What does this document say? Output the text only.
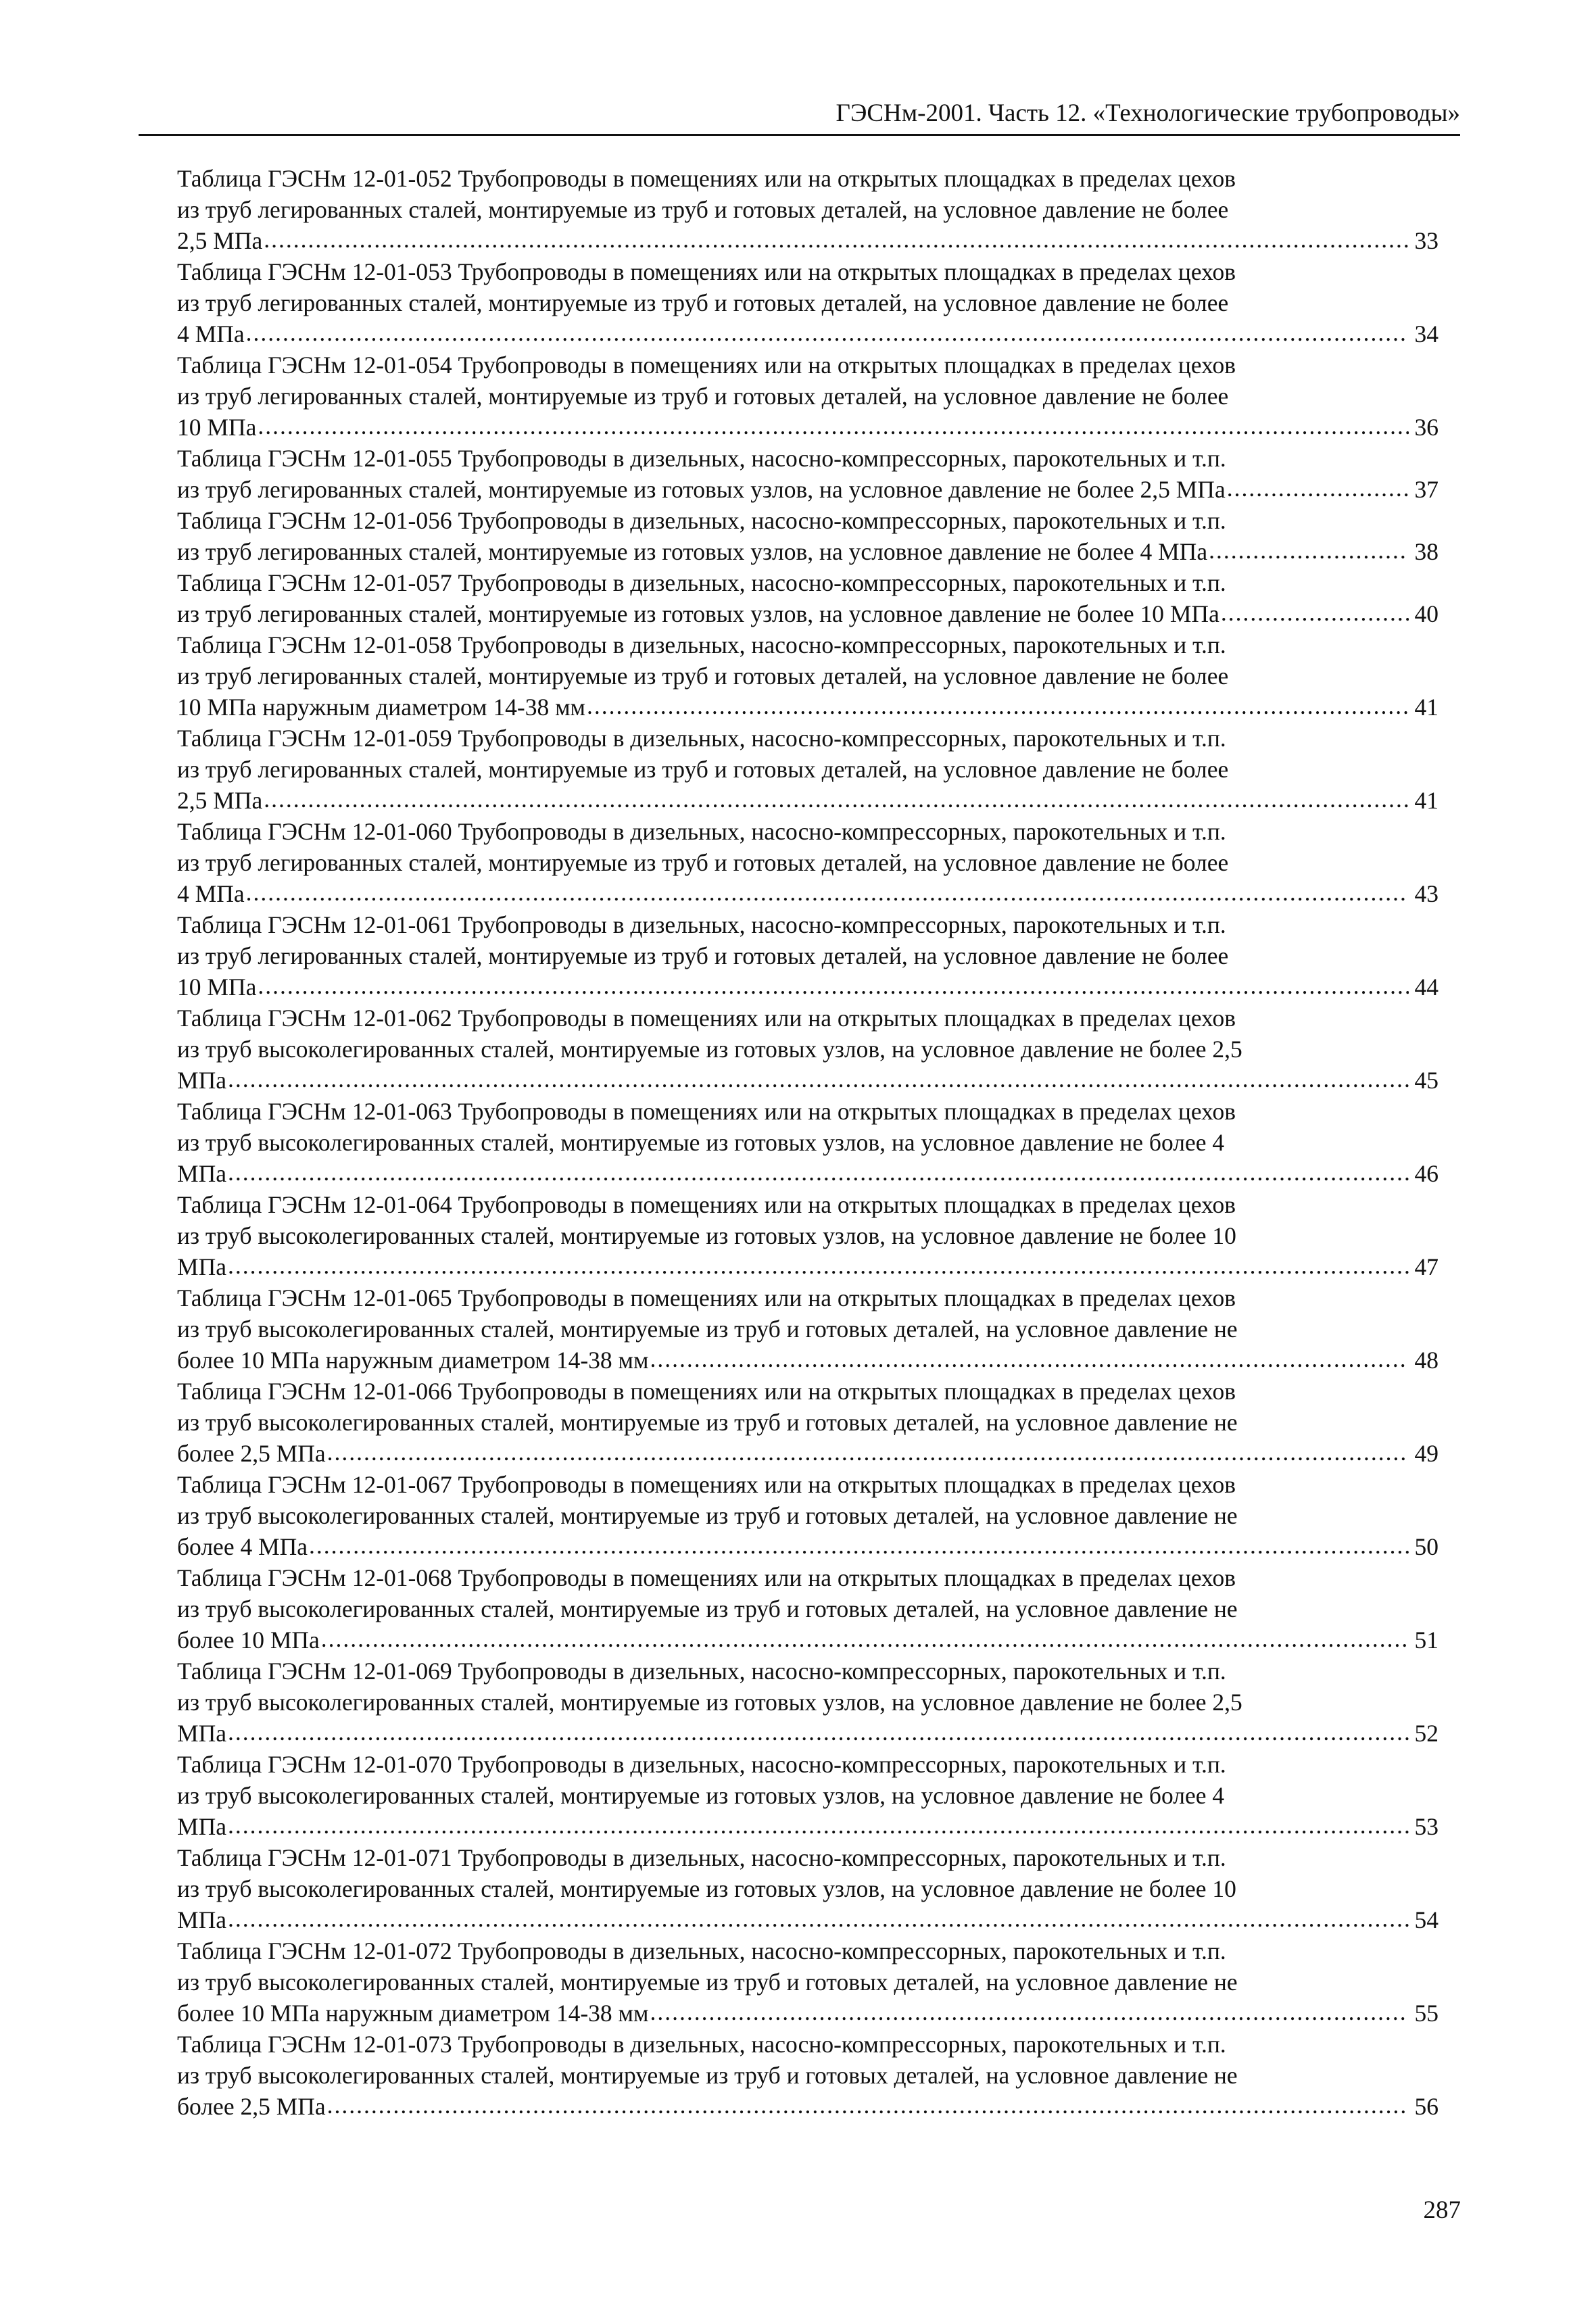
ГЭСНм-2001. Часть 12. «Технологические трубопроводы»
Таблица ГЭСНм 12-01-052 Трубопроводы в помещениях или на открытых площадках в пределах цехов
из труб легированных сталей, монтируемые из труб и готовых деталей, на условное давление не более
2,5 МПа .....	33
Таблица ГЭСНм 12-01-053 Трубопроводы в помещениях или на открытых площадках в пределах цехов
из труб легированных сталей, монтируемые из труб и готовых деталей, на условное давление не более
4 МПа .....	34
Таблица ГЭСНм 12-01-054 Трубопроводы в помещениях или на открытых площадках в пределах цехов
из труб легированных сталей, монтируемые из труб и готовых деталей, на условное давление не более
10 МПа .....	36
Таблица ГЭСНм 12-01-055 Трубопроводы в дизельных, насосно-компрессорных, парокотельных и т.п.
из труб легированных сталей, монтируемые из готовых узлов, на условное давление не более 2,5 МПа .....	37
Таблица ГЭСНм 12-01-056 Трубопроводы в дизельных, насосно-компрессорных, парокотельных и т.п.
из труб легированных сталей, монтируемые из готовых узлов, на условное давление не более 4 МПа .....	38
Таблица ГЭСНм 12-01-057 Трубопроводы в дизельных, насосно-компрессорных, парокотельных и т.п.
из труб легированных сталей, монтируемые из готовых узлов, на условное давление не более 10 МПа .....	40
Таблица ГЭСНм 12-01-058 Трубопроводы в дизельных, насосно-компрессорных, парокотельных и т.п.
из труб легированных сталей, монтируемые из труб и готовых деталей, на условное давление не более
10 МПа наружным диаметром 14-38 мм .....	41
Таблица ГЭСНм 12-01-059 Трубопроводы в дизельных, насосно-компрессорных, парокотельных и т.п.
из труб легированных сталей, монтируемые из труб и готовых деталей, на условное давление не более
2,5 МПа .....	41
Таблица ГЭСНм 12-01-060 Трубопроводы в дизельных, насосно-компрессорных, парокотельных и т.п.
из труб легированных сталей, монтируемые из труб и готовых деталей, на условное давление не более
4 МПа .....	43
Таблица ГЭСНм 12-01-061 Трубопроводы в дизельных, насосно-компрессорных, парокотельных и т.п.
из труб легированных сталей, монтируемые из труб и готовых деталей, на условное давление не более
10 МПа .....	44
Таблица ГЭСНм 12-01-062 Трубопроводы в помещениях или на открытых площадках в пределах цехов
из труб высоколегированных сталей, монтируемые из готовых узлов, на условное давление не более 2,5
МПа .....	45
Таблица ГЭСНм 12-01-063 Трубопроводы в помещениях или на открытых площадках в пределах цехов
из труб высоколегированных сталей, монтируемые из готовых узлов, на условное давление не более 4
МПа .....	46
Таблица ГЭСНм 12-01-064 Трубопроводы в помещениях или на открытых площадках в пределах цехов
из труб высоколегированных сталей, монтируемые из готовых узлов, на условное давление не более 10
МПа .....	47
Таблица ГЭСНм 12-01-065 Трубопроводы в помещениях или на открытых площадках в пределах цехов
из труб высоколегированных сталей, монтируемые из труб и готовых деталей, на условное давление не
более 10 МПа наружным диаметром 14-38 мм .....	48
Таблица ГЭСНм 12-01-066 Трубопроводы в помещениях или на открытых площадках в пределах цехов
из труб высоколегированных сталей, монтируемые из труб и готовых деталей, на условное давление не
более 2,5 МПа .....	49
Таблица ГЭСНм 12-01-067 Трубопроводы в помещениях или на открытых площадках в пределах цехов
из труб высоколегированных сталей, монтируемые из труб и готовых деталей, на условное давление не
более 4 МПа .....	50
Таблица ГЭСНм 12-01-068 Трубопроводы в помещениях или на открытых площадках в пределах цехов
из труб высоколегированных сталей, монтируемые из труб и готовых деталей, на условное давление не
более 10 МПа .....	51
Таблица ГЭСНм 12-01-069 Трубопроводы в дизельных, насосно-компрессорных, парокотельных и т.п.
из труб высоколегированных сталей, монтируемые из готовых узлов, на условное давление не более 2,5
МПа .....	52
Таблица ГЭСНм 12-01-070 Трубопроводы в дизельных, насосно-компрессорных, парокотельных и т.п.
из труб высоколегированных сталей, монтируемые из готовых узлов, на условное давление не более 4
МПа .....	53
Таблица ГЭСНм 12-01-071 Трубопроводы в дизельных, насосно-компрессорных, парокотельных и т.п.
из труб высоколегированных сталей, монтируемые из готовых узлов, на условное давление не более 10
МПа .....	54
Таблица ГЭСНм 12-01-072 Трубопроводы в дизельных, насосно-компрессорных, парокотельных и т.п.
из труб высоколегированных сталей, монтируемые из труб и готовых деталей, на условное давление не
более 10 МПа наружным диаметром 14-38 мм .....	55
Таблица ГЭСНм 12-01-073 Трубопроводы в дизельных, насосно-компрессорных, парокотельных и т.п.
из труб высоколегированных сталей, монтируемые из труб и готовых деталей, на условное давление не
более 2,5 МПа .....	56
287
